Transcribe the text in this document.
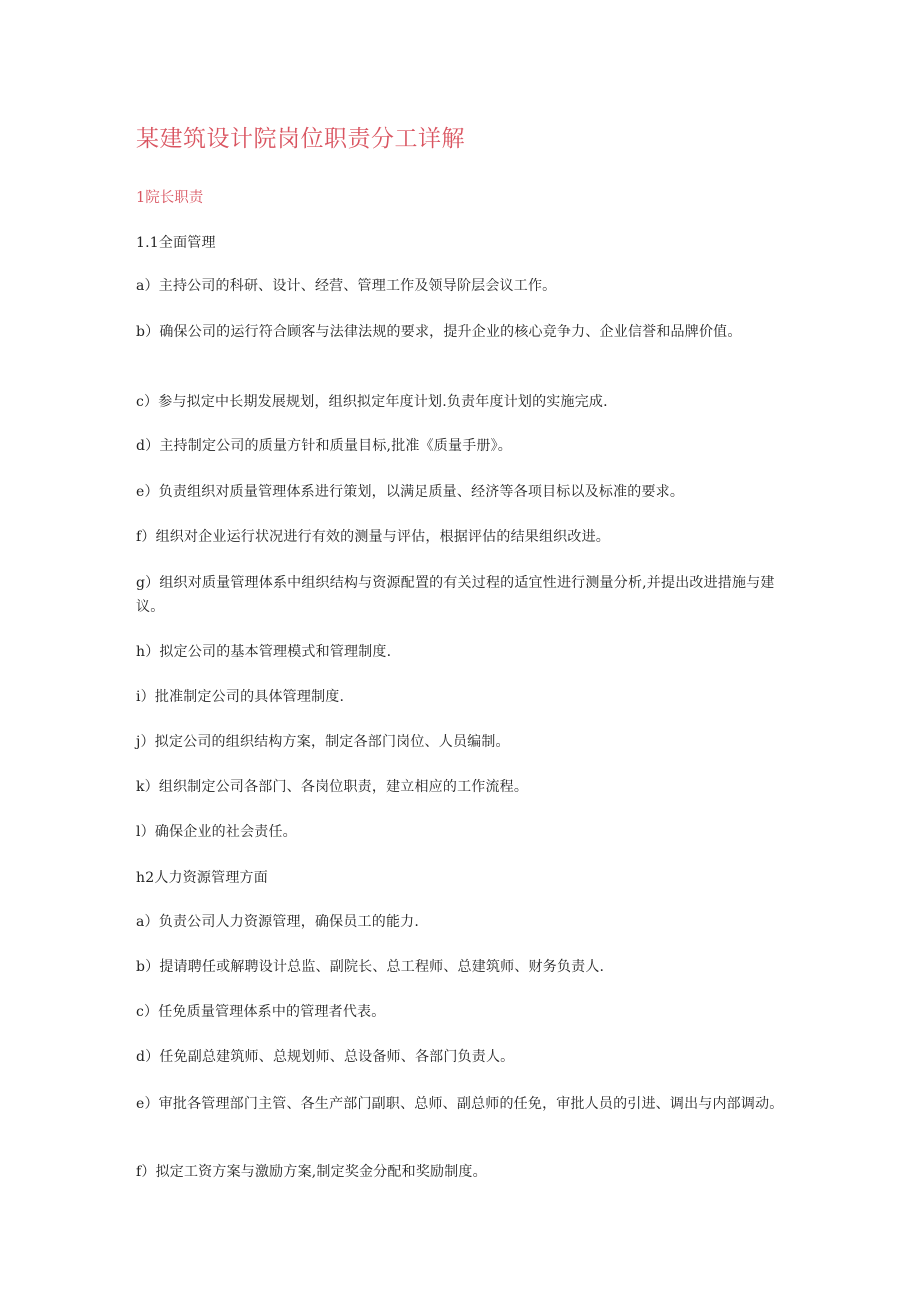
某建筑设计院岗位职责分工详解
1院长职责
1.1全面管理
a）主持公司的科研、设计、经营、管理工作及领导阶层会议工作。
b）确保公司的运行符合顾客与法律法规的要求，提升企业的核心竞争力、企业信誉和品牌价值。
c）参与拟定中长期发展规划，组织拟定年度计划.负责年度计划的实施完成.
d）主持制定公司的质量方针和质量目标,批准《质量手册》。
e）负责组织对质量管理体系进行策划，以满足质量、经济等各项目标以及标准的要求。
f）组织对企业运行状况进行有效的测量与评估，根据评估的结果组织改进。
g）组织对质量管理体系中组织结构与资源配置的有关过程的适宜性进行测量分析,并提出改进措施与建议。
h）拟定公司的基本管理模式和管理制度.
i）批准制定公司的具体管理制度.
j）拟定公司的组织结构方案，制定各部门岗位、人员编制。
k）组织制定公司各部门、各岗位职责，建立相应的工作流程。
l）确保企业的社会责任。
h2人力资源管理方面
a）负责公司人力资源管理，确保员工的能力.
b）提请聘任或解聘设计总监、副院长、总工程师、总建筑师、财务负责人.
c）任免质量管理体系中的管理者代表。
d）任免副总建筑师、总规划师、总设备师、各部门负责人。
e）审批各管理部门主管、各生产部门副职、总师、副总师的任免，审批人员的引进、调出与内部调动。
f）拟定工资方案与激励方案,制定奖金分配和奖励制度。
